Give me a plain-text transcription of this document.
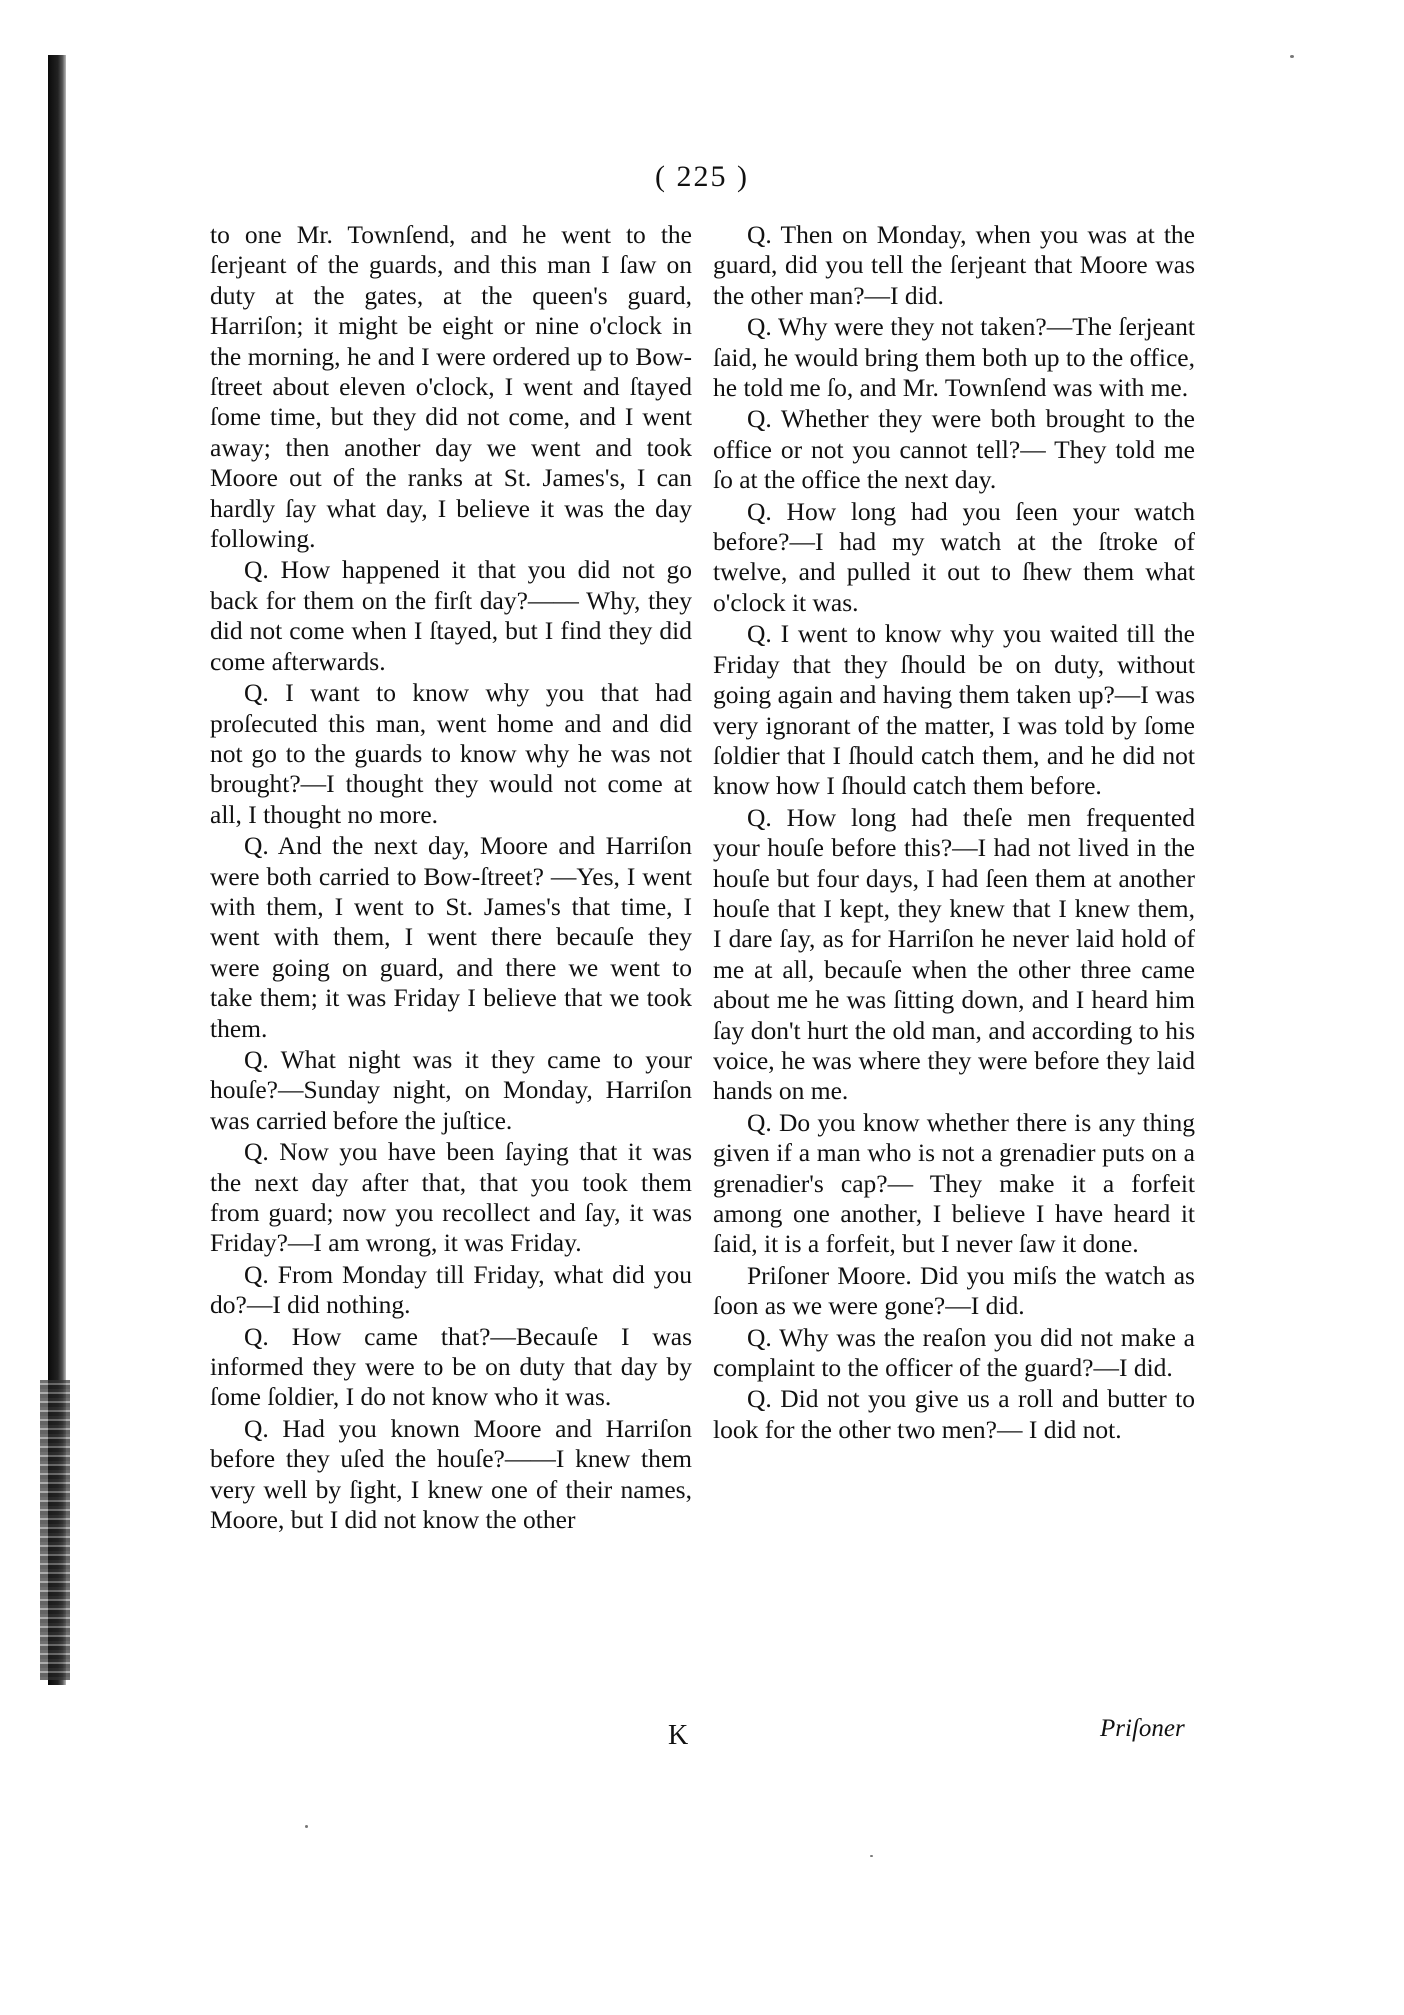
( 225 )

to one Mr. Townſend, and he went to the ſerjeant of the guards, and this man I ſaw on duty at the gates, at the queen's guard, Harriſon; it might be eight or nine o'clock in the morning, he and I were ordered up to Bow-ſtreet about eleven o'clock, I went and ſtayed ſome time, but they did not come, and I went away; then another day we went and took Moore out of the ranks at St. James's, I can hardly ſay what day, I believe it was the day following.

Q. How happened it that you did not go back for them on the firſt day?—— Why, they did not come when I ſtayed, but I find they did come afterwards.

Q. I want to know why you that had proſecuted this man, went home and and did not go to the guards to know why he was not brought?—I thought they would not come at all, I thought no more.

Q. And the next day, Moore and Harriſon were both carried to Bow-ſtreet? —Yes, I went with them, I went to St. James's that time, I went with them, I went there becauſe they were going on guard, and there we went to take them; it was Friday I believe that we took them.

Q. What night was it they came to your houſe?—Sunday night, on Monday, Harriſon was carried before the juſtice.

Q. Now you have been ſaying that it was the next day after that, that you took them from guard; now you recollect and ſay, it was Friday?—I am wrong, it was Friday.

Q. From Monday till Friday, what did you do?—I did nothing.

Q. How came that?—Becauſe I was informed they were to be on duty that day by ſome ſoldier, I do not know who it was.

Q. Had you known Moore and Harriſon before they uſed the houſe?——I knew them very well by ſight, I knew one of their names, Moore, but I did not know the other

Q. Then on Monday, when you was at the guard, did you tell the ſerjeant that Moore was the other man?—I did.

Q. Why were they not taken?—The ſerjeant ſaid, he would bring them both up to the office, he told me ſo, and Mr. Townſend was with me.

Q. Whether they were both brought to the office or not you cannot tell?— They told me ſo at the office the next day.

Q. How long had you ſeen your watch before?—I had my watch at the ſtroke of twelve, and pulled it out to ſhew them what o'clock it was.

Q. I went to know why you waited till the Friday that they ſhould be on duty, without going again and having them taken up?—I was very ignorant of the matter, I was told by ſome ſoldier that I ſhould catch them, and he did not know how I ſhould catch them before.

Q. How long had theſe men frequented your houſe before this?—I had not lived in the houſe but four days, I had ſeen them at another houſe that I kept, they knew that I knew them, I dare ſay, as for Harriſon he never laid hold of me at all, becauſe when the other three came about me he was ſitting down, and I heard him ſay don't hurt the old man, and according to his voice, he was where they were before they laid hands on me.

Q. Do you know whether there is any thing given if a man who is not a grenadier puts on a grenadier's cap?— They make it a forfeit among one another, I believe I have heard it ſaid, it is a forfeit, but I never ſaw it done.

Priſoner Moore. Did you miſs the watch as ſoon as we were gone?—I did.

Q. Why was the reaſon you did not make a complaint to the officer of the guard?—I did.

Q. Did not you give us a roll and butter to look for the other two men?— I did not.

K	Priſoner
